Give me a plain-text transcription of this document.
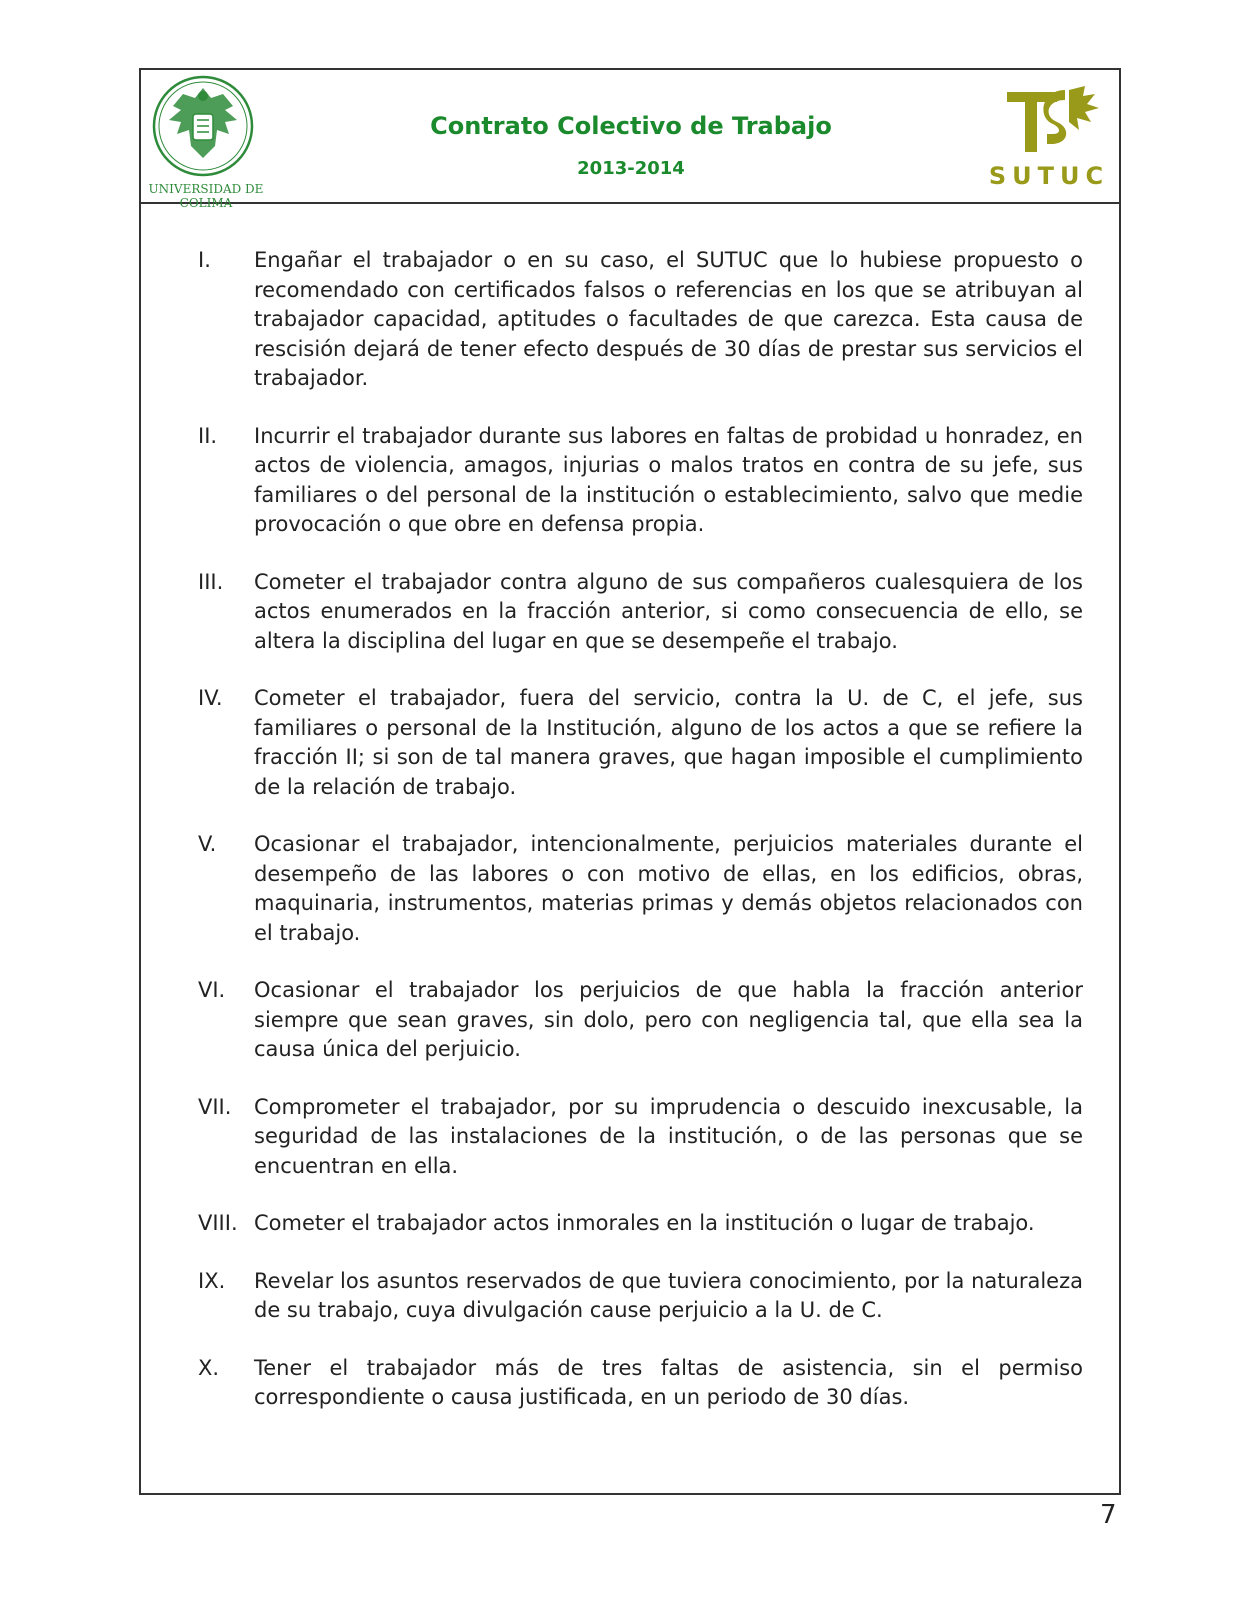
UNIVERSIDAD DE COLIMA
Contrato Colectivo de Trabajo
2013-2014	SUTUC
I.	Engañar el trabajador o en su caso, el SUTUC que lo hubiese propuesto o recomendado con certificados falsos o referencias en los que se atribuyan al trabajador capacidad, aptitudes o facultades de que carezca. Esta causa de rescisión dejará de tener efecto después de 30 días de prestar sus servicios el trabajador.
II.	Incurrir el trabajador durante sus labores en faltas de probidad u honradez, en actos de violencia, amagos, injurias o malos tratos en contra de su jefe, sus familiares o del personal de la institución o establecimiento, salvo que medie provocación o que obre en defensa propia.
III.	Cometer el trabajador contra alguno de sus compañeros cualesquiera de los actos enumerados en la fracción anterior, si como consecuencia de ello, se altera la disciplina del lugar en que se desempeñe el trabajo.
IV.	Cometer el trabajador, fuera del servicio, contra la U. de C, el jefe, sus familiares o personal de la Institución, alguno de los actos a que se refiere la fracción II; si son de tal manera graves, que hagan imposible el cumplimiento de la relación de trabajo.
V.	Ocasionar el trabajador, intencionalmente, perjuicios materiales durante el desempeño de las labores o con motivo de ellas, en los edificios, obras, maquinaria, instrumentos, materias primas y demás objetos relacionados con el trabajo.
VI.	Ocasionar el trabajador los perjuicios de que habla la fracción anterior siempre que sean graves, sin dolo, pero con negligencia tal, que ella sea la causa única del perjuicio.
VII.	Comprometer el trabajador, por su imprudencia o descuido inexcusable, la seguridad de las instalaciones de la institución, o de las personas que se encuentran en ella.
VIII. Cometer el trabajador actos inmorales en la institución o lugar de trabajo.
IX.	Revelar los asuntos reservados de que tuviera conocimiento, por la naturaleza de su trabajo, cuya divulgación cause perjuicio a la U. de C.
X.	Tener el trabajador más de tres faltas de asistencia, sin el permiso correspondiente o causa justificada, en un periodo de 30 días.
7
